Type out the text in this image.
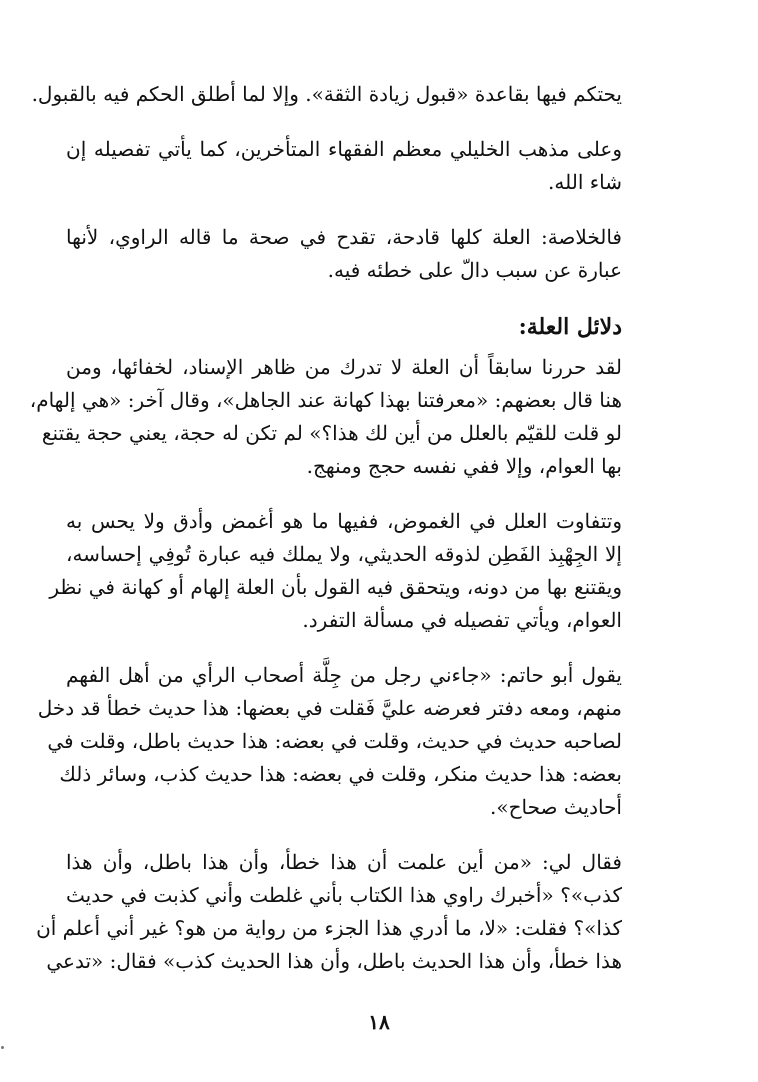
يحتكم فيها بقاعدة «قبول زيادة الثقة». وإلا لما أطلق الحكم فيه بالقبول.

وعلى مذهب الخليلي معظم الفقهاء المتأخرين، كما يأتي تفصيله إن
شاء الله.

فالخلاصة: العلة كلها قادحة، تقدح في صحة ما قاله الراوي، لأنها
عبارة عن سبب دالّ على خطئه فيه.

دلائل العلة:

لقد حررنا سابقاً أن العلة لا تدرك من ظاهر الإسناد، لخفائها، ومن
هنا قال بعضهم: «معرفتنا بهذا كهانة عند الجاهل»، وقال آخر: «هي إلهام،
لو قلت للقيّم بالعلل من أين لك هذا؟» لم تكن له حجة، يعني حجة يقتنع
بها العوام، وإلا ففي نفسه حجج ومنهج.

وتتفاوت العلل في الغموض، ففيها ما هو أغمض وأدق ولا يحس به
إلا الجِهْبِذ الفَطِن لذوقه الحديثي، ولا يملك فيه عبارة تُوفِي إحساسه،
ويقتنع بها من دونه، ويتحقق فيه القول بأن العلة إلهام أو كهانة في نظر
العوام، ويأتي تفصيله في مسألة التفرد.

يقول أبو حاتم: «جاءني رجل من جِلَّة أصحاب الرأي من أهل الفهم
منهم، ومعه دفتر فعرضه عليَّ فَقلت في بعضها: هذا حديث خطأ قد دخل
لصاحبه حديث في حديث، وقلت في بعضه: هذا حديث باطل، وقلت في
بعضه: هذا حديث منكر، وقلت في بعضه: هذا حديث كذب، وسائر ذلك
أحاديث صحاح».

فقال لي: «من أين علمت أن هذا خطأ، وأن هذا باطل، وأن هذا
كذب»؟ «أخبرك راوي هذا الكتاب بأني غلطت وأني كذبت في حديث
كذا»؟ فقلت: «لا، ما أدري هذا الجزء من رواية من هو؟ غير أني أعلم أن
هذا خطأ، وأن هذا الحديث باطل، وأن هذا الحديث كذب» فقال: «تدعي

١٨
